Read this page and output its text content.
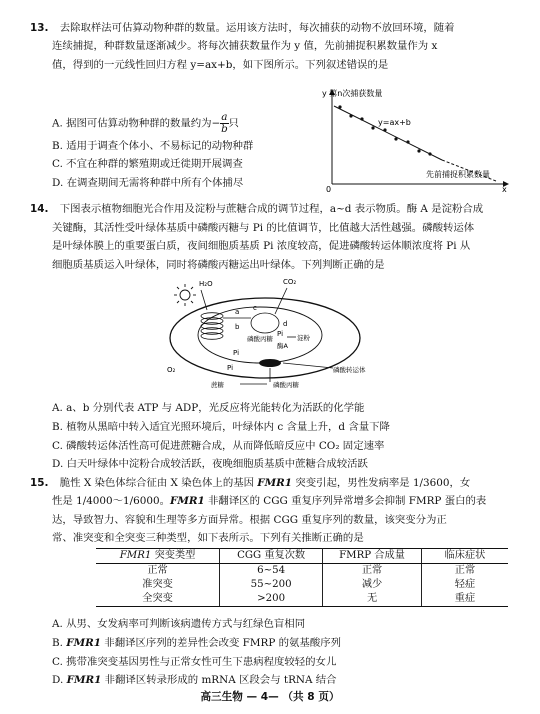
13. 去除取样法可估算动物种群的数量。运用该方法时，每次捕获的动物不放回环境，随着
连续捕捉，种群数量逐渐减少。将每次捕获数量作为 y 值，先前捕捉积累数量作为 x
值，得到的一元线性回归方程 y=ax+b，如下图所示。下列叙述错误的是
A. 据图可估算动物种群的数量约为− $\frac{a}{b}$ 只
B. 适用于调查个体小、不易标记的动物种群
C. 不宜在种群的繁殖期或迁徙期开展调查
D. 在调查期间无需将种群中所有个体捕尽
y 第n次捕获数量
x
0
y=ax+b
先前捕捉积累数量
14. 下图表示植物细胞光合作用及淀粉与蔗糖合成的调节过程，a~d 表示物质。酶 A 是淀粉合成
关键酶，其活性受叶绿体基质中磷酸丙糖与 Pi 的比值调节，比值越大活性越强。磷酸转运体
是叶绿体膜上的重要蛋白质，夜间细胞质基质 Pi 浓度较高，促进磷酸转运体顺浓度将 Pi 从
细胞质基质运入叶绿体，同时将磷酸丙糖运出叶绿体。下列判断正确的是
H₂O	CO₂
a
b
c
d
Pi
Pi
磷酸丙糖
酶A
淀粉
O₂	Pi	磷酸转运体
蔗糖	磷酸丙糖
A. a、b 分别代表 ATP 与 ADP，光反应将光能转化为活跃的化学能
B. 植物从黑暗中转入适宜光照环境后，叶绿体内 c 含量上升，d 含量下降
C. 磷酸转运体活性高可促进蔗糖合成，从而降低暗反应中 CO₂ 固定速率
D. 白天叶绿体中淀粉合成较活跃，夜晚细胞质基质中蔗糖合成较活跃
15. 脆性 X 染色体综合征由 X 染色体上的基因 FMR1 突变引起，男性发病率是 1/3600，女
性是 1/4000～1/6000。FMR1 非翻译区的 CGG 重复序列异常增多会抑制 FMRP 蛋白的表
达，导致智力、容貌和生理等多方面异常。根据 CGG 重复序列的数量，该突变分为正
常、准突变和全突变三种类型，如下表所示。下列有关推断正确的是
FMR1 突变类型	CGG 重复次数	FMRP 合成量	临床症状
正常	6~54	正常	正常
准突变	55~200	减少	轻症
全突变	>200	无	重症
A. 从男、女发病率可判断该病遗传方式与红绿色盲相同
B. FMR1 非翻译区序列的差异性会改变 FMRP 的氨基酸序列
C. 携带准突变基因男性与正常女性可生下患病程度较轻的女儿
D. FMR1 非翻译区转录形成的 mRNA 区段会与 tRNA 结合
高三生物 — 4— （共 8 页）
